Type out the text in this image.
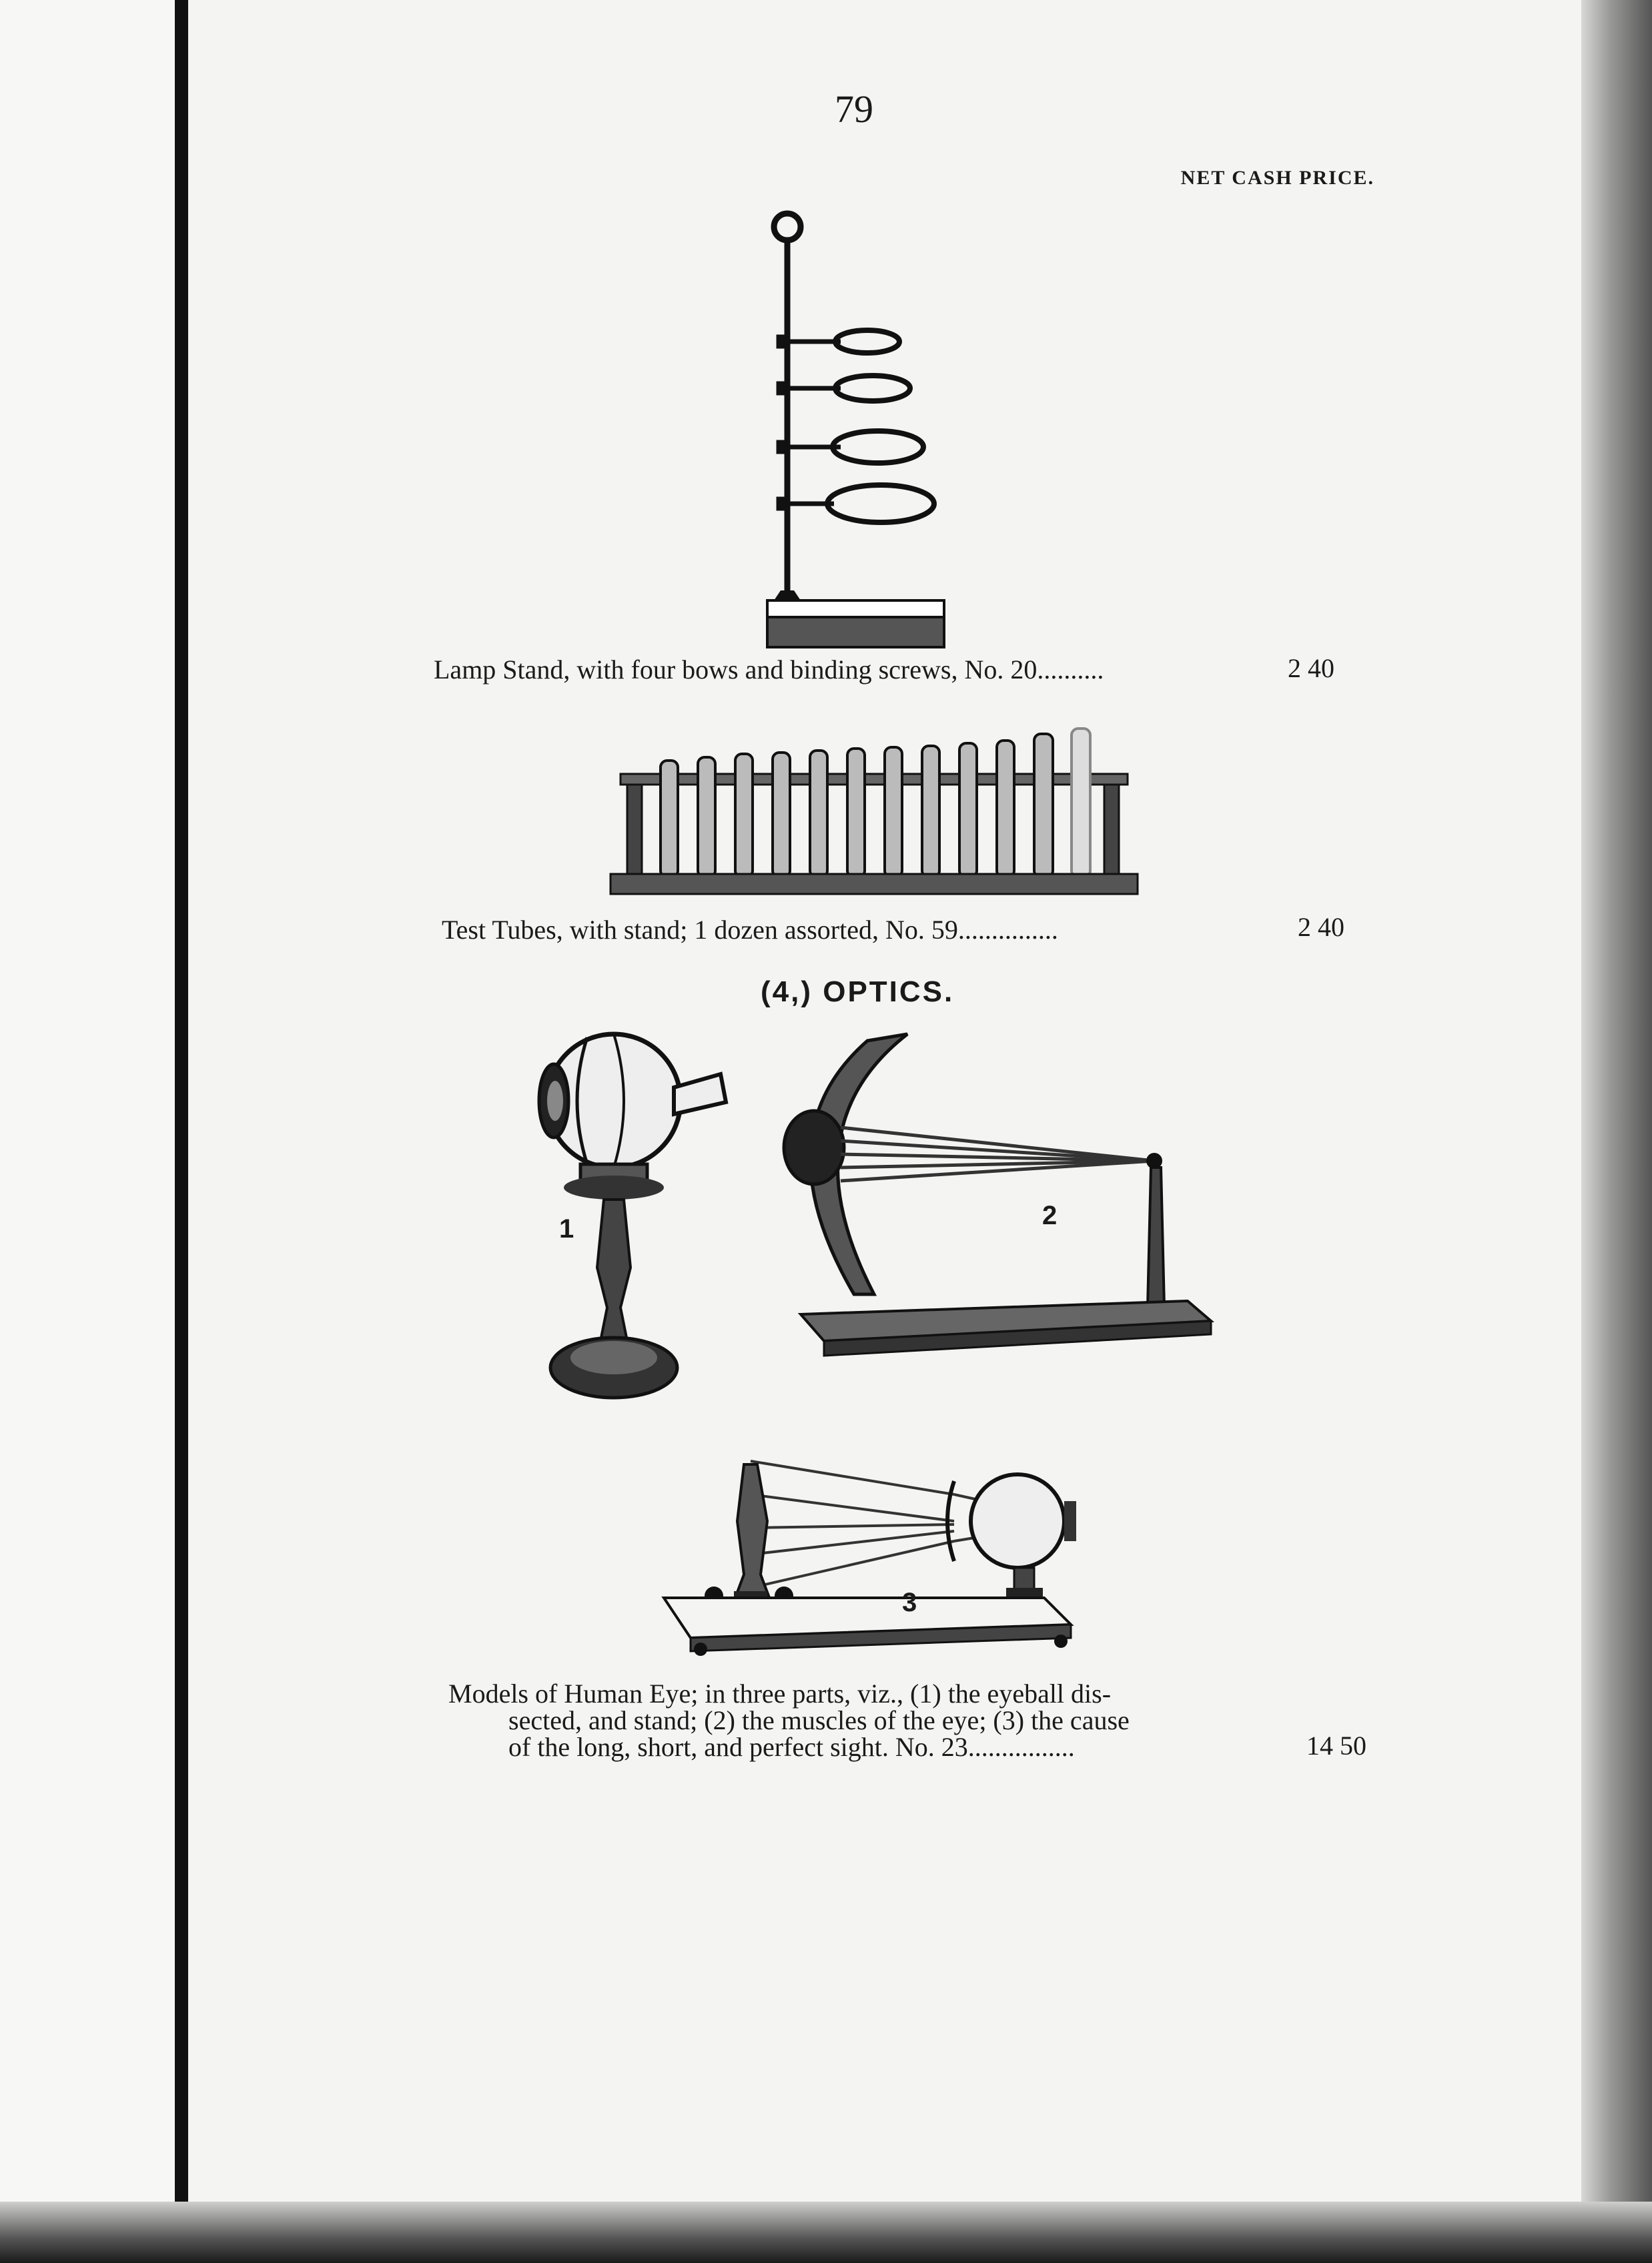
79
NET CASH PRICE.
Lamp Stand, with four bows and binding screws, No. 20..........	2 40
Test Tubes, with stand; 1 dozen assorted, No. 59...............	2 40
(4,) OPTICS.
1	2
3
Models of Human Eye; in three parts, viz., (1) the eyeball dis-
sected, and stand; (2) the muscles of the eye; (3) the cause
of the long, short, and perfect sight. No. 23................	14 50
